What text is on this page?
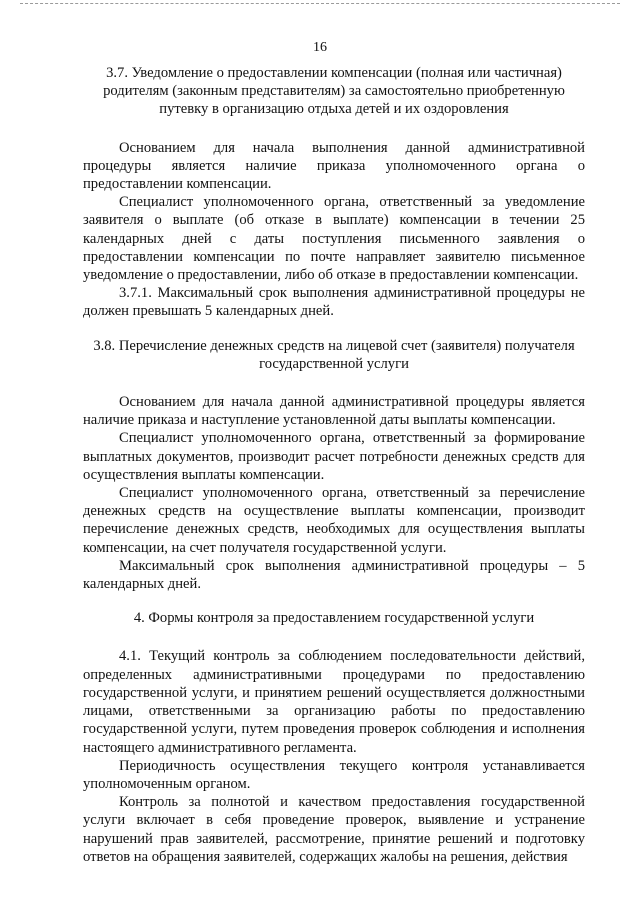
16

3.7. Уведомление о предоставлении компенсации (полная или частичная) родителям (законным представителям) за самостоятельно приобретенную путевку в организацию отдыха детей и их оздоровления

Основанием для начала выполнения данной административной процедуры является наличие приказа уполномоченного органа о предоставлении компенсации.

Специалист уполномоченного органа, ответственный за уведомление заявителя о выплате (об отказе в выплате) компенсации в течении 25 календарных дней с даты поступления письменного заявления о предоставлении компенсации по почте направляет заявителю письменное уведомление о предоставлении, либо об отказе в предоставлении компенсации.

3.7.1. Максимальный срок выполнения административной процедуры не должен превышать 5 календарных дней.

3.8. Перечисление денежных средств на лицевой счет (заявителя) получателя государственной услуги

Основанием для начала данной административной процедуры является наличие приказа и наступление установленной даты выплаты компенсации.

Специалист уполномоченного органа, ответственный за формирование выплатных документов, производит расчет потребности денежных средств для осуществления выплаты компенсации.

Специалист уполномоченного органа, ответственный за перечисление денежных средств на осуществление выплаты компенсации, производит перечисление денежных средств, необходимых для осуществления выплаты компенсации, на счет получателя государственной услуги.

Максимальный срок выполнения административной процедуры – 5 календарных дней.

4. Формы контроля за предоставлением государственной услуги

4.1. Текущий контроль за соблюдением последовательности действий, определенных административными процедурами по предоставлению государственной услуги, и принятием решений осуществляется должностными лицами, ответственными за организацию работы по предоставлению государственной услуги, путем проведения проверок соблюдения и исполнения настоящего административного регламента.

Периодичность осуществления текущего контроля устанавливается уполномоченным органом.

Контроль за полнотой и качеством предоставления государственной услуги включает в себя проведение проверок, выявление и устранение нарушений прав заявителей, рассмотрение, принятие решений и подготовку ответов на обращения заявителей, содержащих жалобы на решения, действия
